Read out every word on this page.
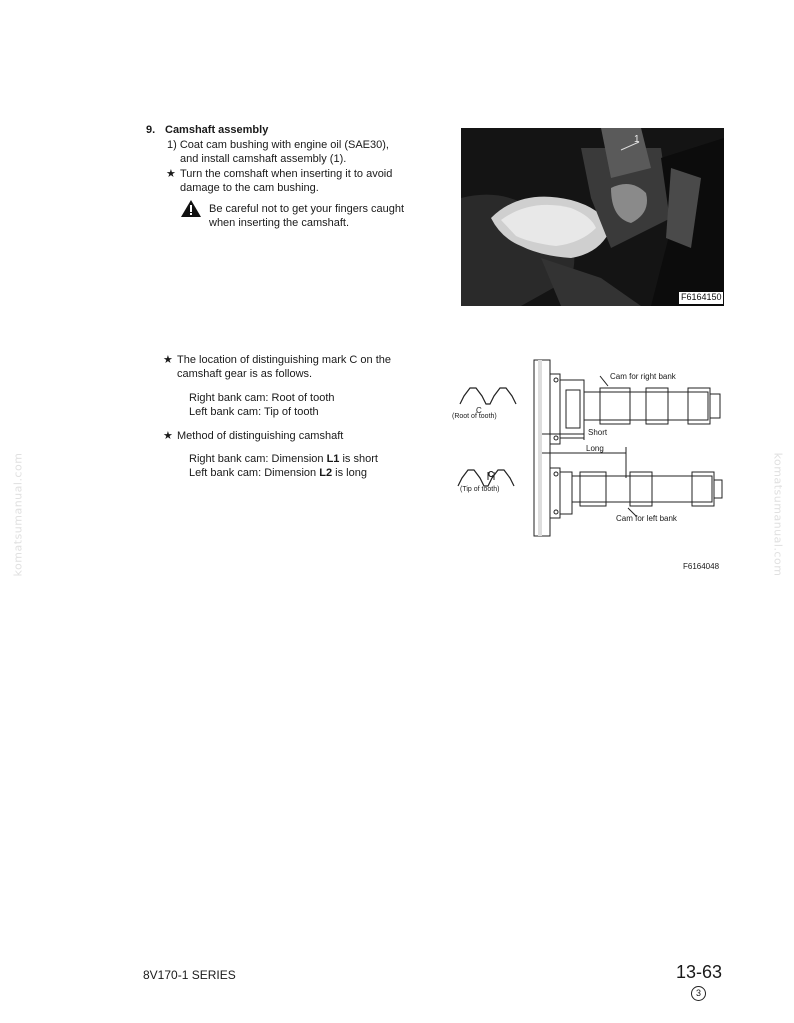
komatsumanual.com	komatsumanual.com
9. Camshaft assembly
1) Coat cam bushing with engine oil (SAE30),
and install camshaft assembly (1).
★ Turn the comshaft when inserting it to avoid
damage to the cam bushing.
Be careful not to get your fingers caught
when inserting the camshaft.
1
F6164150
★ The location of distinguishing mark C on the
camshaft gear is as follows.
Right bank cam: Root of tooth
Left bank cam: Tip of tooth
★ Method of distinguishing camshaft
Right bank cam: Dimension L1 is short
Left bank cam: Dimension L2 is long
Cam for right bank
C
(Root of tooth)
Short
Long
C
(Tip of tooth)
Cam for left bank
F6164048
8V170-1 SERIES	13-63
3
